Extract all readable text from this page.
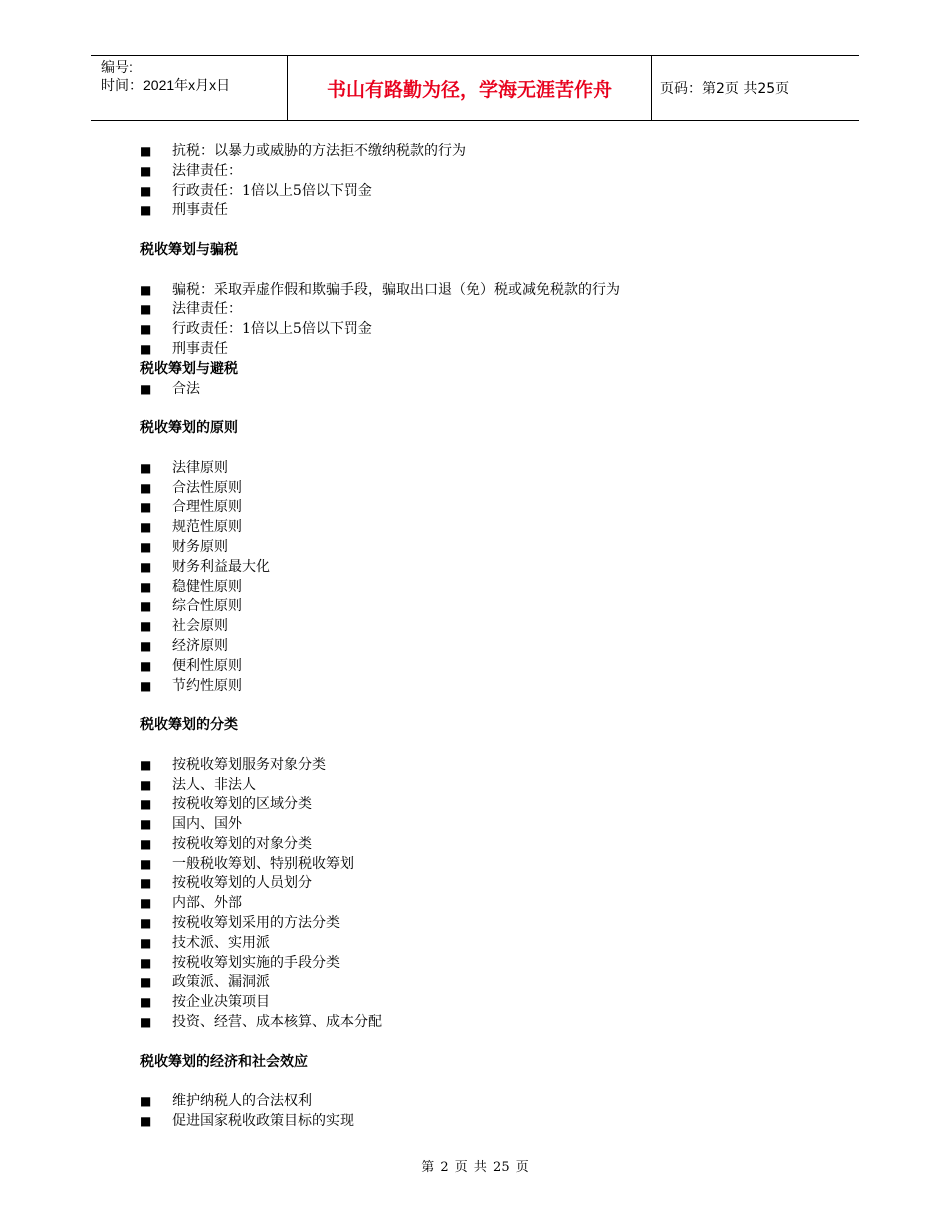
编号:
时间：2021年x月x日	书山有路勤为径，学海无涯苦作舟	页码：第2页 共25页
■	抗税：以暴力或威胁的方法拒不缴纳税款的行为
■	法律责任：
■	行政责任：1倍以上5倍以下罚金
■	刑事责任
税收筹划与骗税
■	骗税：采取弄虚作假和欺骗手段，骗取出口退（免）税或减免税款的行为
■	法律责任：
■	行政责任：1倍以上5倍以下罚金
■	刑事责任
税收筹划与避税
■	合法
税收筹划的原则
■	法律原则
■	合法性原则
■	合理性原则
■	规范性原则
■	财务原则
■	财务利益最大化
■	稳健性原则
■	综合性原则
■	社会原则
■	经济原则
■	便利性原则
■	节约性原则
税收筹划的分类
■	按税收筹划服务对象分类
■	法人、非法人
■	按税收筹划的区域分类
■	国内、国外
■	按税收筹划的对象分类
■	一般税收筹划、特别税收筹划
■	按税收筹划的人员划分
■	内部、外部
■	按税收筹划采用的方法分类
■	技术派、实用派
■	按税收筹划实施的手段分类
■	政策派、漏洞派
■	按企业决策项目
■	投资、经营、成本核算、成本分配
税收筹划的经济和社会效应
■	维护纳税人的合法权利
■	促进国家税收政策目标的实现
第 2 页 共 25 页
